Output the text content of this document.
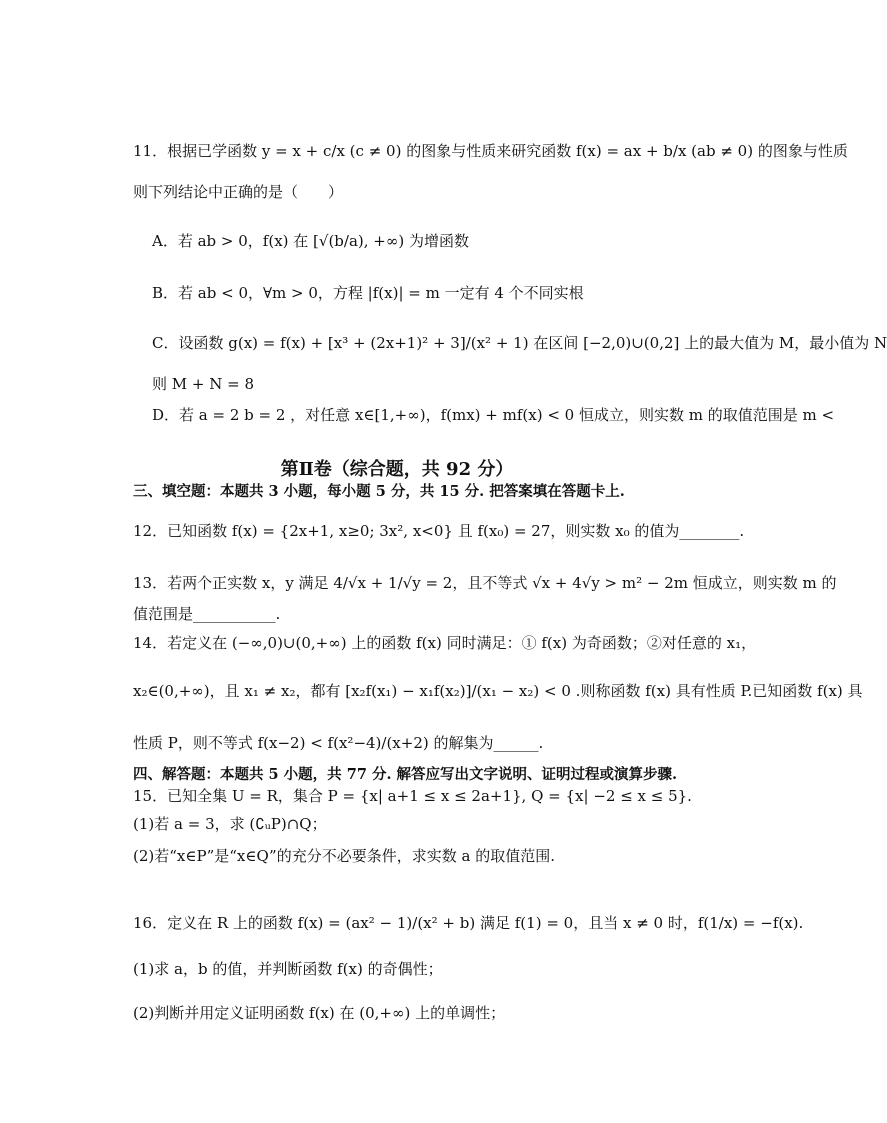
11．根据已学函数 y = x + c/x (c ≠ 0) 的图象与性质来研究函数 f(x) = ax + b/x (ab ≠ 0) 的图象与性质
则下列结论中正确的是（　　）
A．若 ab > 0，f(x) 在 [√(b/a), +∞) 为增函数
B．若 ab < 0，∀m > 0，方程 |f(x)| = m 一定有 4 个不同实根
C．设函数 g(x) = f(x) + [x³ + (2x+1)² + 3]/(x² + 1) 在区间 [−2,0)∪(0,2] 上的最大值为 M，最小值为 N
则 M + N = 8
D．若 a = 2 b = 2 ，对任意 x∈[1,+∞)，f(mx) + mf(x) < 0 恒成立，则实数 m 的取值范围是 m <
第Ⅱ卷（综合题，共 92 分）
三、填空题：本题共 3 小题，每小题 5 分，共 15 分. 把答案填在答题卡上.
12．已知函数 f(x) = {2x+1, x≥0; 3x², x<0} 且 f(x₀) = 27，则实数 x₀ 的值为________.
13．若两个正实数 x，y 满足 4/√x + 1/√y = 2，且不等式 √x + 4√y > m² − 2m 恒成立，则实数 m 的
值范围是___________.
14．若定义在 (−∞,0)∪(0,+∞) 上的函数 f(x) 同时满足：① f(x) 为奇函数；②对任意的 x₁，
x₂∈(0,+∞)，且 x₁ ≠ x₂，都有 [x₂f(x₁) − x₁f(x₂)]/(x₁ − x₂) < 0 .则称函数 f(x) 具有性质 P.已知函数 f(x) 具
性质 P，则不等式 f(x−2) < f(x²−4)/(x+2) 的解集为______.
四、解答题：本题共 5 小题，共 77 分. 解答应写出文字说明、证明过程或演算步骤.
15．已知全集 U = R，集合 P = {x| a+1 ≤ x ≤ 2a+1}, Q = {x| −2 ≤ x ≤ 5}.
(1)若 a = 3，求 (∁ᵤP)∩Q；
(2)若“x∈P”是“x∈Q”的充分不必要条件，求实数 a 的取值范围.
16．定义在 R 上的函数 f(x) = (ax² − 1)/(x² + b) 满足 f(1) = 0，且当 x ≠ 0 时，f(1/x) = −f(x).
(1)求 a，b 的值，并判断函数 f(x) 的奇偶性；
(2)判断并用定义证明函数 f(x) 在 (0,+∞) 上的单调性；
